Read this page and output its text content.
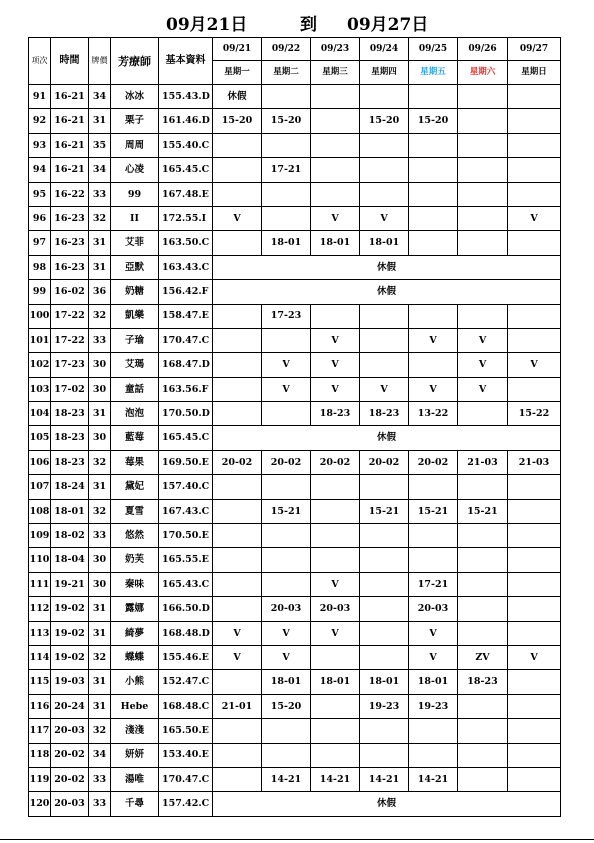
09月21日	到 09月27日
项次	時間	牌價	芳療師	基本資料	09/21	09/22	09/23	09/24	09/25	09/26	09/27
					星期一	星期二	星期三	星期四	星期五	星期六	星期日
91	16-21	34	冰冰	155.43.D	休假						
92	16-21	31	栗子	161.46.D	15-20	15-20		15-20	15-20		
93	16-21	35	周周	155.40.C							
94	16-21	34	心凌	165.45.C		17-21					
95	16-22	33	99	167.48.E							
96	16-23	32	II	172.55.I	V		V	V			V
97	16-23	31	艾菲	163.50.C		18-01	18-01	18-01			
98	16-23	31	亞默	163.43.C	休假						
99	16-02	36	奶糖	156.42.F	休假						
100	17-22	32	凱樂	158.47.E		17-23					
101	17-22	33	子瑜	170.47.C			V		V	V	
102	17-23	30	艾瑪	168.47.D		V	V			V	V
103	17-02	30	童話	163.56.F		V	V	V	V	V	
104	18-23	31	泡泡	170.50.D			18-23	18-23	13-22		15-22
105	18-23	30	藍莓	165.45.C	休假						
106	18-23	32	莓果	169.50.E	20-02	20-02	20-02	20-02	20-02	21-03	21-03
107	18-24	31	黛妃	157.40.C							
108	18-01	32	夏雪	167.43.C		15-21		15-21	15-21	15-21	
109	18-02	33	悠然	170.50.E							
110	18-04	30	奶芙	165.55.E							
111	19-21	30	秦味	165.43.C			V		17-21		
112	19-02	31	露娜	166.50.D		20-03	20-03		20-03		
113	19-02	31	綺夢	168.48.D	V	V	V		V		
114	19-02	32	蝶蝶	155.46.E	V	V			V	ZV	V
115	19-03	31	小熊	152.47.C		18-01	18-01	18-01	18-01	18-23	
116	20-24	31	Hebe	168.48.C	21-01	15-20		19-23	19-23		
117	20-03	32	淺淺	165.50.E							
118	20-02	34	妍妍	153.40.E							
119	20-02	33	湯唯	170.47.C		14-21	14-21	14-21	14-21		
120	20-03	33	千尋	157.42.C	休假						
